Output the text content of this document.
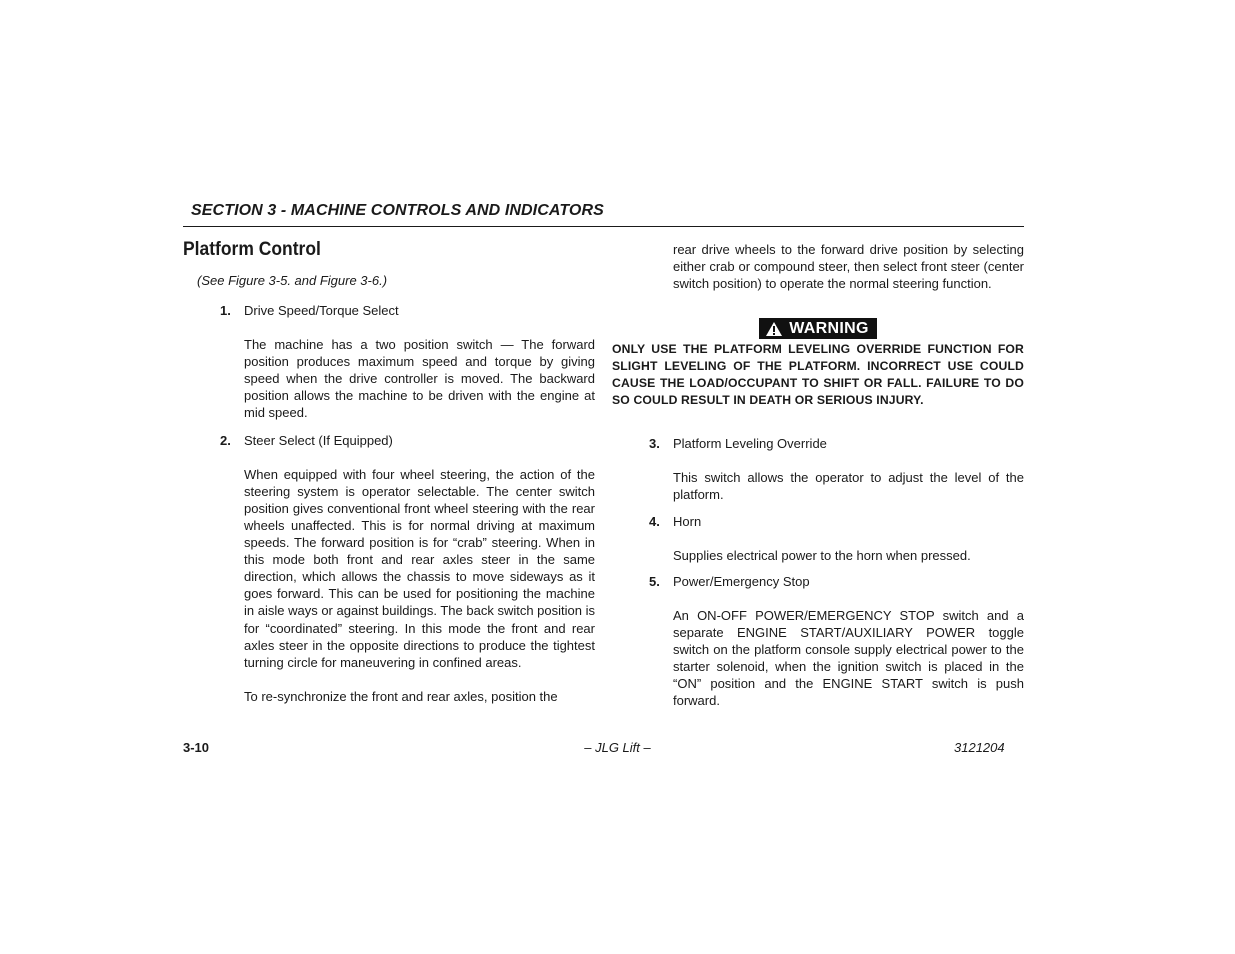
SECTION 3 - MACHINE CONTROLS AND INDICATORS
Platform Control
(See Figure 3-5. and Figure 3-6.)
1. Drive Speed/Torque Select

The machine has a two position switch — The forward position produces maximum speed and torque by giving speed when the drive controller is moved. The backward position allows the machine to be driven with the engine at mid speed.

2. Steer Select (If Equipped)

When equipped with four wheel steering, the action of the steering system is operator selectable. The center switch position gives conventional front wheel steering with the rear wheels unaffected. This is for normal driving at maximum speeds. The forward position is for “crab” steering. When in this mode both front and rear axles steer in the same direction, which allows the chassis to move sideways as it goes forward. This can be used for positioning the machine in aisle ways or against buildings. The back switch position is for “coordinated” steering. In this mode the front and rear axles steer in the opposite directions to produce the tightest turning circle for maneuvering in confined areas.

To re-synchronize the front and rear axles, position the

rear drive wheels to the forward drive position by selecting either crab or compound steer, then select front steer (center switch position) to operate the normal steering function.

WARNING

ONLY USE THE PLATFORM LEVELING OVERRIDE FUNCTION FOR SLIGHT LEVELING OF THE PLATFORM. INCORRECT USE COULD CAUSE THE LOAD/OCCUPANT TO SHIFT OR FALL. FAILURE TO DO SO COULD RESULT IN DEATH OR SERIOUS INJURY.

3. Platform Leveling Override

This switch allows the operator to adjust the level of the platform.

4. Horn

Supplies electrical power to the horn when pressed.

5. Power/Emergency Stop

An ON-OFF POWER/EMERGENCY STOP switch and a separate ENGINE START/AUXILIARY POWER toggle switch on the platform console supply electrical power to the starter solenoid, when the ignition switch is placed in the “ON” position and the ENGINE START switch is push forward.

3-10	– JLG Lift –	3121204
